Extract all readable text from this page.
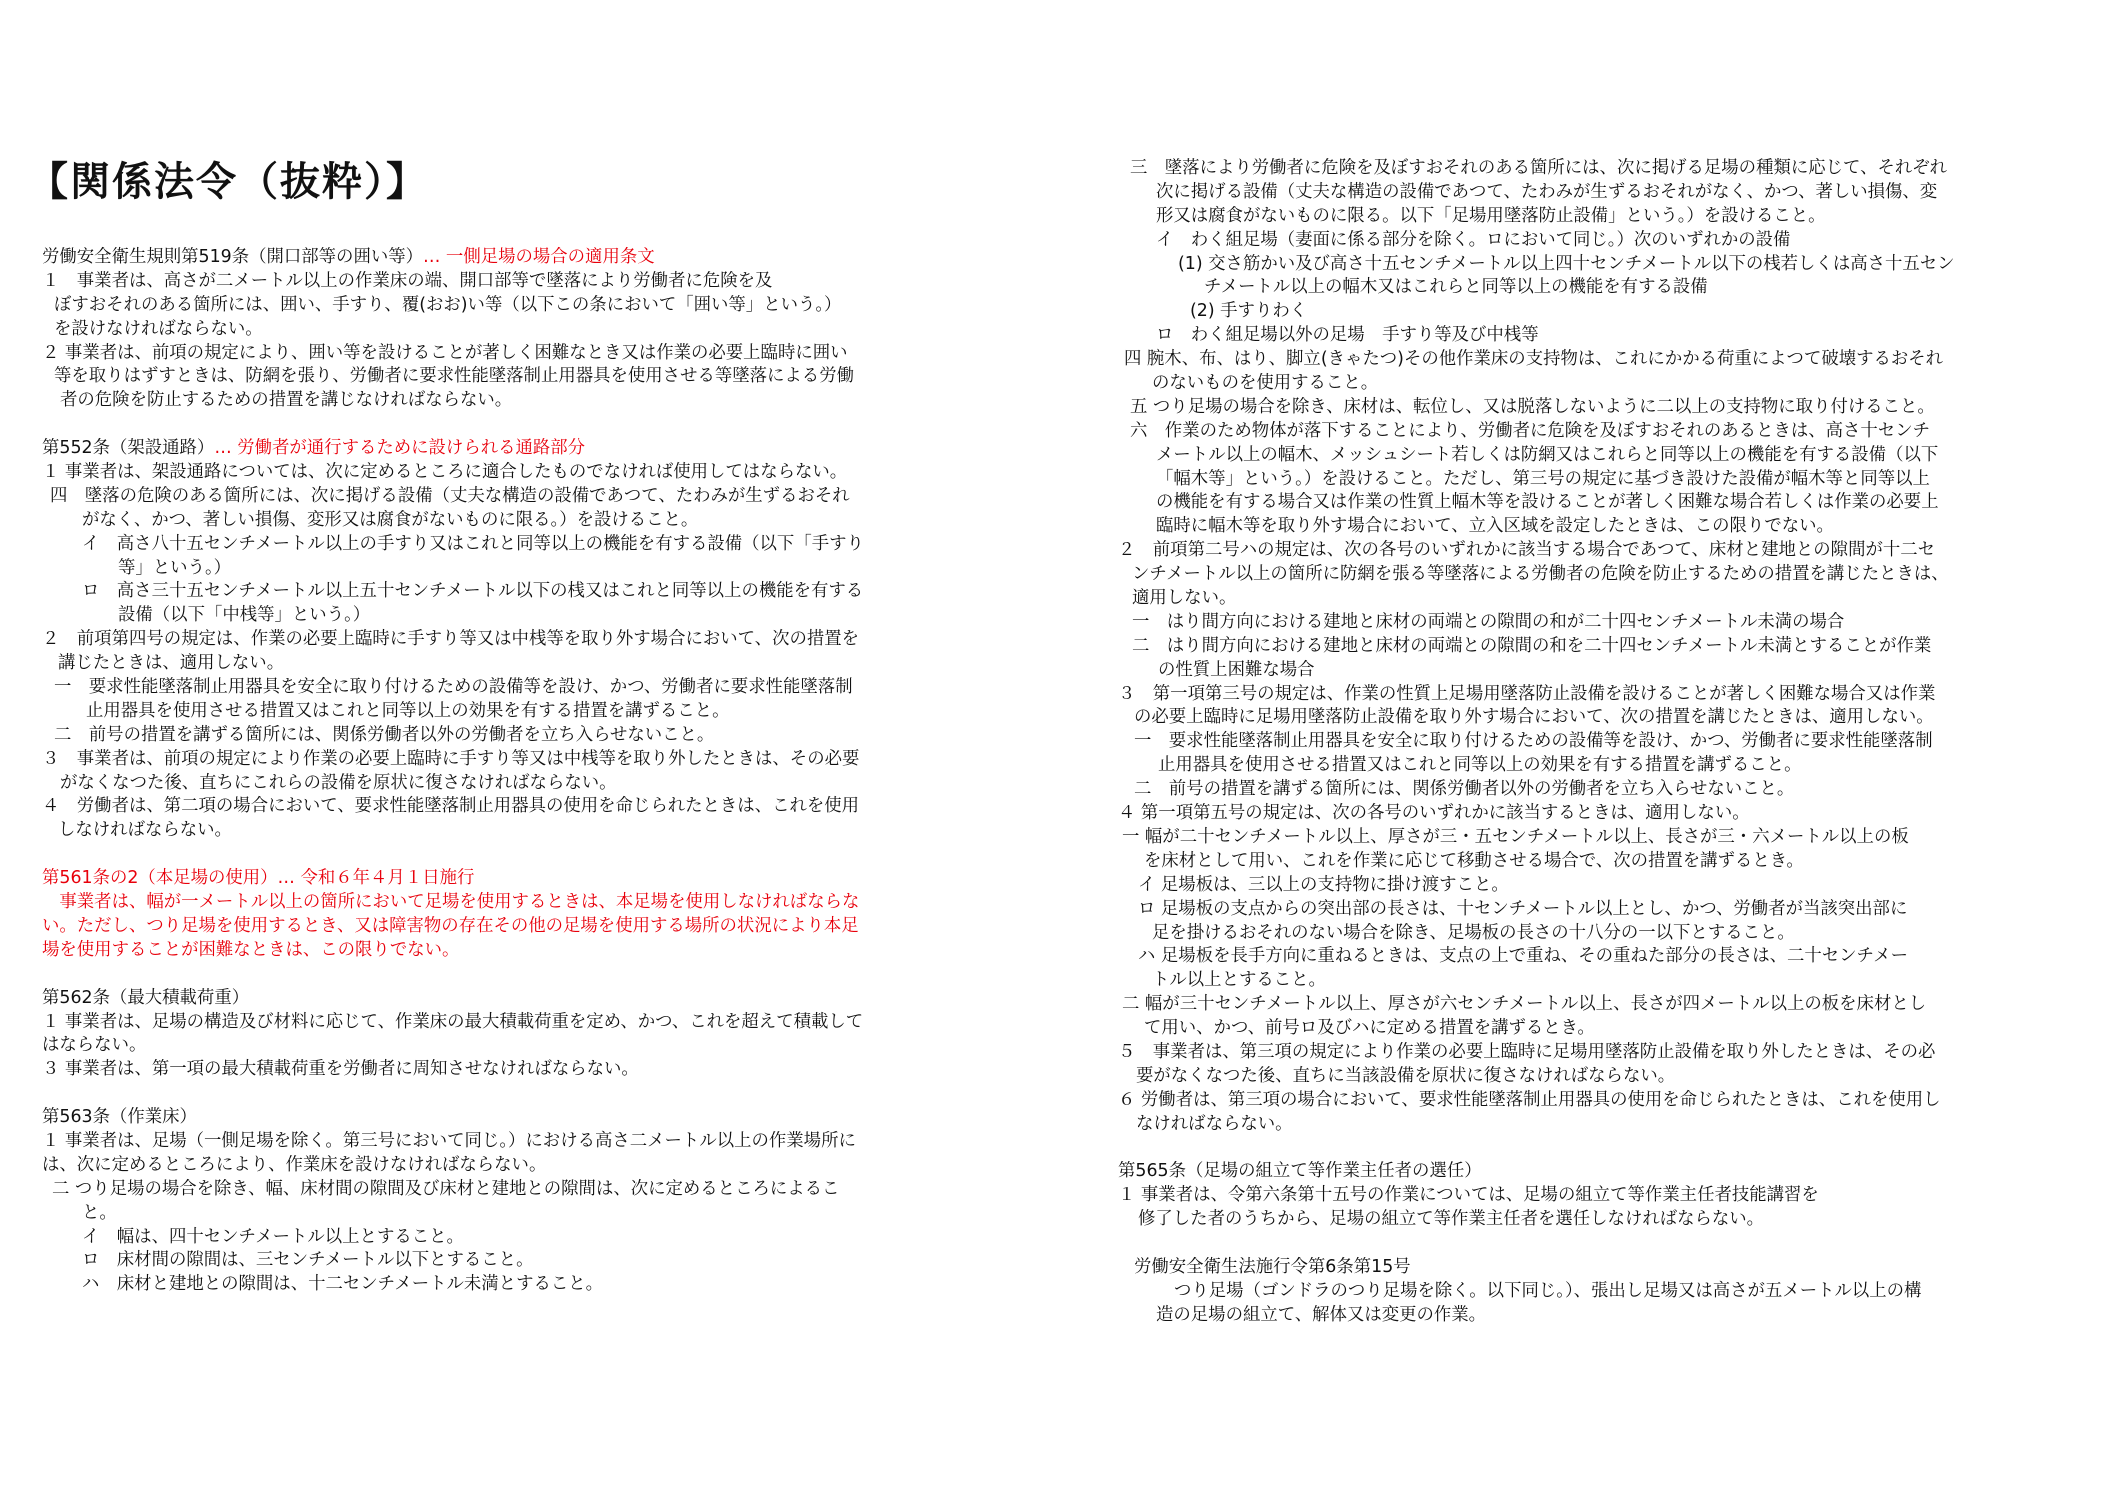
【関係法令（抜粋）】
労働安全衛生規則第519条（開口部等の囲い等）… 一側足場の場合の適用条文
１　事業者は、高さが二メートル以上の作業床の端、開口部等で墜落により労働者に危険を及
ぼすおそれのある箇所には、囲い、手すり、覆(おお)い等（以下この条において「囲い等」という。）
を設けなければならない。
２ 事業者は、前項の規定により、囲い等を設けることが著しく困難なとき又は作業の必要上臨時に囲い
等を取りはずすときは、防網を張り、労働者に要求性能墜落制止用器具を使用させる等墜落による労働
者の危険を防止するための措置を講じなければならない。
第552条（架設通路）… 労働者が通行するために設けられる通路部分
１ 事業者は、架設通路については、次に定めるところに適合したものでなければ使用してはならない。
四　墜落の危険のある箇所には、次に掲げる設備（丈夫な構造の設備であつて、たわみが生ずるおそれ
がなく、かつ、著しい損傷、変形又は腐食がないものに限る。）を設けること。
イ　高さ八十五センチメートル以上の手すり又はこれと同等以上の機能を有する設備（以下「手すり
等」という。）
ロ　高さ三十五センチメートル以上五十センチメートル以下の桟又はこれと同等以上の機能を有する
設備（以下「中桟等」という。）
２　前項第四号の規定は、作業の必要上臨時に手すり等又は中桟等を取り外す場合において、次の措置を
講じたときは、適用しない。
一　要求性能墜落制止用器具を安全に取り付けるための設備等を設け、かつ、労働者に要求性能墜落制
止用器具を使用させる措置又はこれと同等以上の効果を有する措置を講ずること。
二　前号の措置を講ずる箇所には、関係労働者以外の労働者を立ち入らせないこと。
３　事業者は、前項の規定により作業の必要上臨時に手すり等又は中桟等を取り外したときは、その必要
がなくなつた後、直ちにこれらの設備を原状に復さなければならない。
４　労働者は、第二項の場合において、要求性能墜落制止用器具の使用を命じられたときは、これを使用
しなければならない。
第561条の2（本足場の使用）… 令和６年４月１日施行
　事業者は、幅が一メートル以上の箇所において足場を使用するときは、本足場を使用しなければならな
い。ただし、つり足場を使用するとき、又は障害物の存在その他の足場を使用する場所の状況により本足
場を使用することが困難なときは、この限りでない。
第562条（最大積載荷重）
１ 事業者は、足場の構造及び材料に応じて、作業床の最大積載荷重を定め、かつ、これを超えて積載して
はならない。
３ 事業者は、第一項の最大積載荷重を労働者に周知させなければならない。
第563条（作業床）
１ 事業者は、足場（一側足場を除く。第三号において同じ。）における高さ二メートル以上の作業場所に
は、次に定めるところにより、作業床を設けなければならない。
二 つり足場の場合を除き、幅、床材間の隙間及び床材と建地との隙間は、次に定めるところによるこ
と。
イ　幅は、四十センチメートル以上とすること。
ロ　床材間の隙間は、三センチメートル以下とすること。
ハ　床材と建地との隙間は、十二センチメートル未満とすること。
三　墜落により労働者に危険を及ぼすおそれのある箇所には、次に掲げる足場の種類に応じて、それぞれ
次に掲げる設備（丈夫な構造の設備であつて、たわみが生ずるおそれがなく、かつ、著しい損傷、変
形又は腐食がないものに限る。以下「足場用墜落防止設備」という。）を設けること。
イ　わく組足場（妻面に係る部分を除く。ロにおいて同じ。）次のいずれかの設備
(1) 交さ筋かい及び高さ十五センチメートル以上四十センチメートル以下の桟若しくは高さ十五セン
チメートル以上の幅木又はこれらと同等以上の機能を有する設備
(2) 手すりわく
ロ　わく組足場以外の足場　手すり等及び中桟等
四 腕木、布、はり、脚立(きゃたつ)その他作業床の支持物は、これにかかる荷重によつて破壊するおそれ
のないものを使用すること。
五 つり足場の場合を除き、床材は、転位し、又は脱落しないように二以上の支持物に取り付けること。
六　作業のため物体が落下することにより、労働者に危険を及ぼすおそれのあるときは、高さ十センチ
メートル以上の幅木、メッシュシート若しくは防網又はこれらと同等以上の機能を有する設備（以下
「幅木等」という。）を設けること。ただし、第三号の規定に基づき設けた設備が幅木等と同等以上
の機能を有する場合又は作業の性質上幅木等を設けることが著しく困難な場合若しくは作業の必要上
臨時に幅木等を取り外す場合において、立入区域を設定したときは、この限りでない。
２　前項第二号ハの規定は、次の各号のいずれかに該当する場合であつて、床材と建地との隙間が十二セ
ンチメートル以上の箇所に防網を張る等墜落による労働者の危険を防止するための措置を講じたときは、
適用しない。
一　はり間方向における建地と床材の両端との隙間の和が二十四センチメートル未満の場合
二　はり間方向における建地と床材の両端との隙間の和を二十四センチメートル未満とすることが作業
の性質上困難な場合
３　第一項第三号の規定は、作業の性質上足場用墜落防止設備を設けることが著しく困難な場合又は作業
の必要上臨時に足場用墜落防止設備を取り外す場合において、次の措置を講じたときは、適用しない。
一　要求性能墜落制止用器具を安全に取り付けるための設備等を設け、かつ、労働者に要求性能墜落制
止用器具を使用させる措置又はこれと同等以上の効果を有する措置を講ずること。
二　前号の措置を講ずる箇所には、関係労働者以外の労働者を立ち入らせないこと。
４ 第一項第五号の規定は、次の各号のいずれかに該当するときは、適用しない。
一 幅が二十センチメートル以上、厚さが三・五センチメートル以上、長さが三・六メートル以上の板
を床材として用い、これを作業に応じて移動させる場合で、次の措置を講ずるとき。
イ 足場板は、三以上の支持物に掛け渡すこと。
ロ 足場板の支点からの突出部の長さは、十センチメートル以上とし、かつ、労働者が当該突出部に
足を掛けるおそれのない場合を除き、足場板の長さの十八分の一以下とすること。
ハ 足場板を長手方向に重ねるときは、支点の上で重ね、その重ねた部分の長さは、二十センチメー
トル以上とすること。
二 幅が三十センチメートル以上、厚さが六センチメートル以上、長さが四メートル以上の板を床材とし
て用い、かつ、前号ロ及びハに定める措置を講ずるとき。
５　事業者は、第三項の規定により作業の必要上臨時に足場用墜落防止設備を取り外したときは、その必
要がなくなつた後、直ちに当該設備を原状に復さなければならない。
６ 労働者は、第三項の場合において、要求性能墜落制止用器具の使用を命じられたときは、これを使用し
なければならない。
第565条（足場の組立て等作業主任者の選任）
１ 事業者は、令第六条第十五号の作業については、足場の組立て等作業主任者技能講習を
修了した者のうちから、足場の組立て等作業主任者を選任しなければならない。
労働安全衛生法施行令第6条第15号
つり足場（ゴンドラのつり足場を除く。以下同じ。）、張出し足場又は高さが五メートル以上の構
造の足場の組立て、解体又は変更の作業。
